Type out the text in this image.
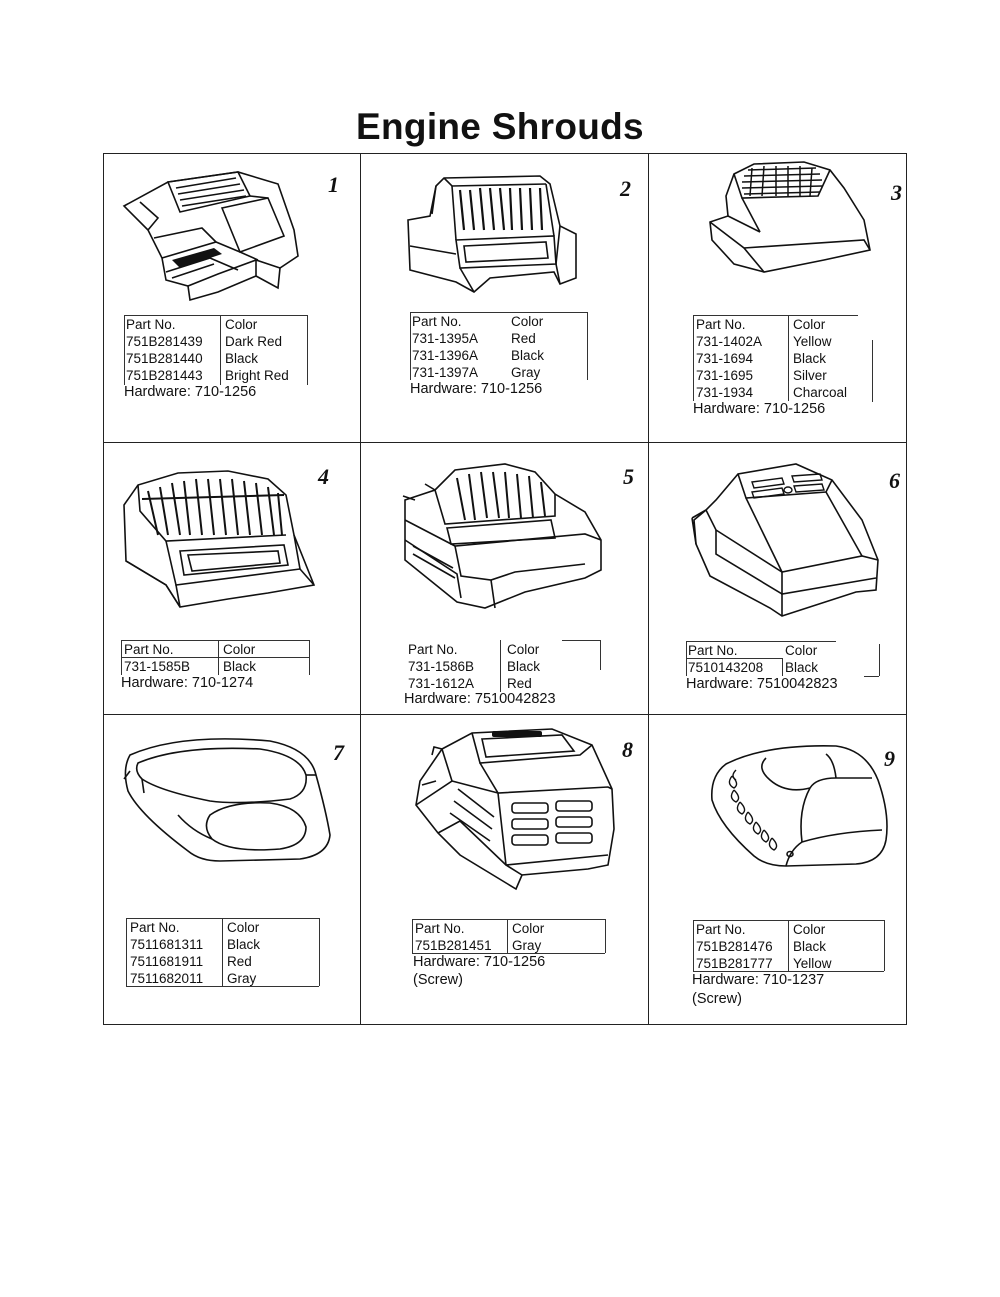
Engine Shrouds
1
Part No.	Color
751B281439	Dark Red
751B281440	Black
751B281443	Bright Red
Hardware: 710-1256
2
Part No.	Color
731-1395A	Red
731-1396A	Black
731-1397A	Gray
Hardware: 710-1256
3
Part No.	Color
731-1402A	Yellow
731-1694	Black
731-1695	Silver
731-1934	Charcoal
Hardware: 710-1256
4
Part No.	Color
731-1585B	Black
Hardware: 710-1274
5
Part No.	Color
731-1586B	Black
731-1612A	Red
Hardware: 7510042823
6
Part No.	Color
7510143208	Black
Hardware: 7510042823
7
Part No.	Color
7511681311	Black
7511681911	Red
7511682011	Gray
8
Part No.	Color
751B281451	Gray
Hardware: 710-1256
(Screw)
9
Part No.	Color
751B281476	Black
751B281777	Yellow
Hardware: 710-1237
(Screw)
